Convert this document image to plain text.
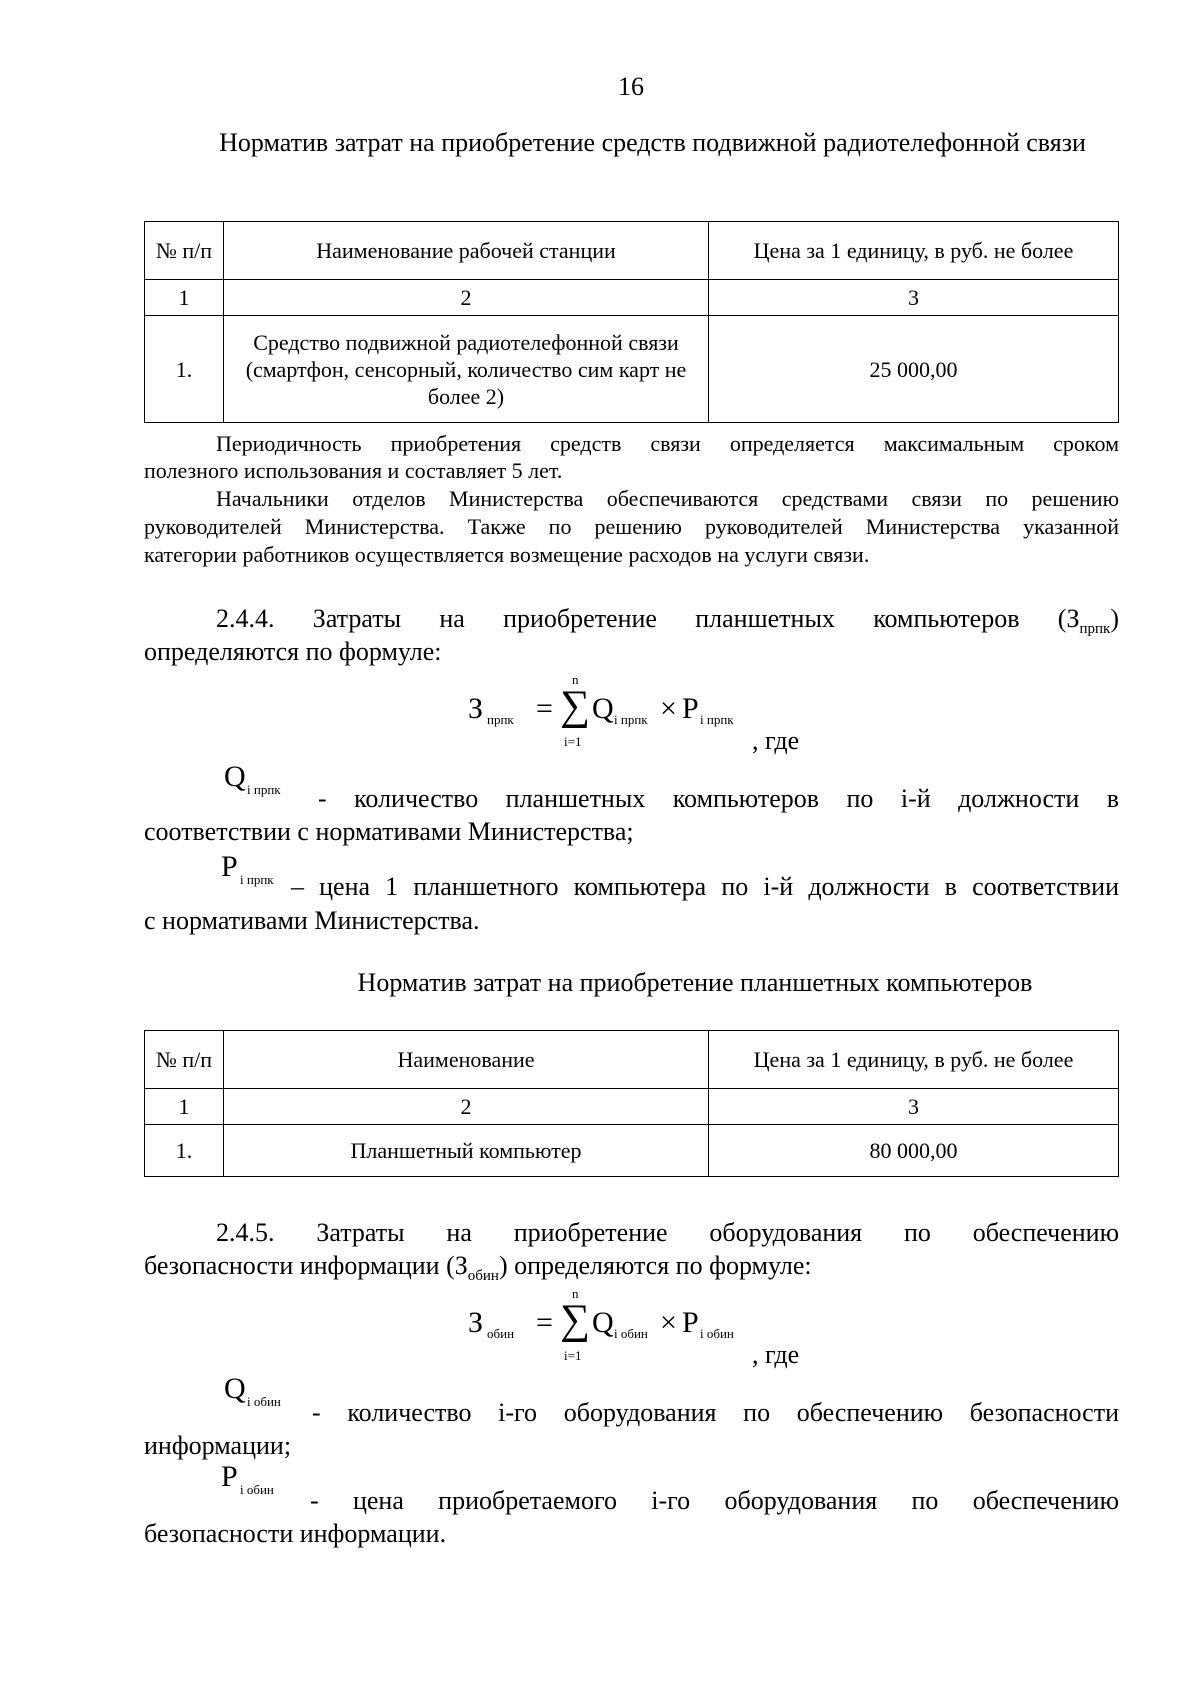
16
Норматив затрат на приобретение средств подвижной радиотелефонной связи
№ п/п	Наименование рабочей станции	Цена за 1 единицу, в руб. не более
1	2	3
1.	Средство подвижной радиотелефонной связи (смартфон, сенсорный, количество сим карт не более 2)	25 000,00
Периодичность приобретения средств связи определяется максимальным сроком
полезного использования и составляет 5 лет.
Начальники отделов Министерства обеспечиваются средствами связи по решению
руководителей Министерства. Также по решению руководителей Министерства указанной
категории работников осуществляется возмещение расходов на услуги связи.
2.4.4. Затраты на приобретение планшетных компьютеров $(З_{прпк})$
определяются по формуле:
З прпк =
n
∑
i=1
Q i прпк × P i прпк
, где
Q i прпк - количество планшетных компьютеров по i-й должности в
соответствии с нормативами Министерства;
P i прпк – цена 1 планшетного компьютера по i-й должности в соответствии
с нормативами Министерства.
Норматив затрат на приобретение планшетных компьютеров
№ п/п	Наименование	Цена за 1 единицу, в руб. не более
1	2	3
1.	Планшетный компьютер	80 000,00
2.4.5. Затраты на приобретение оборудования по обеспечению
безопасности информации $(З_{обин})$ определяются по формуле:
З обин =
n
∑
i=1
Q i обин × P i обин
, где
Q i обин - количество i-го оборудования по обеспечению безопасности
информации;
P i обин - цена приобретаемого i-го оборудования по обеспечению
безопасности информации.
